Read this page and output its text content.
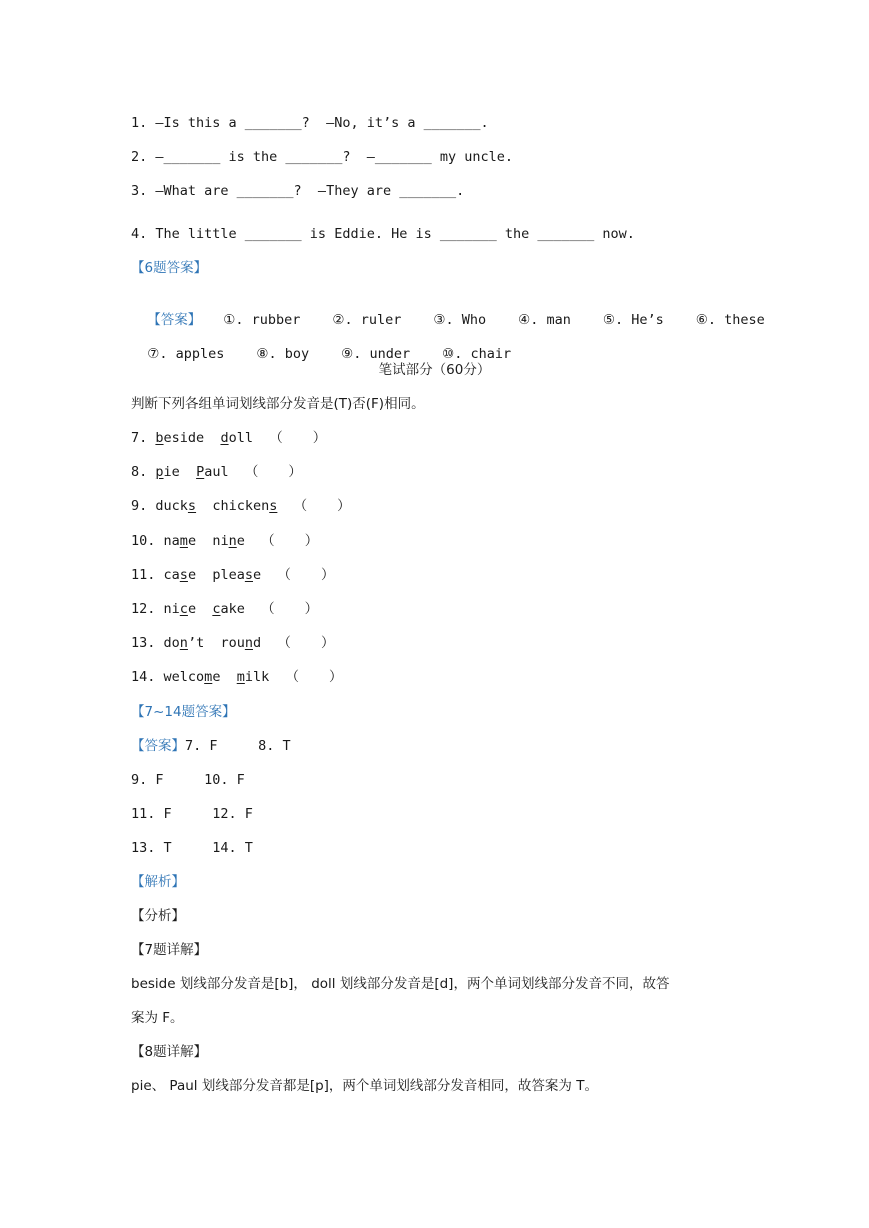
1. —Is this a _______?  —No, it’s a _______.
2. —_______ is the _______?  —_______ my uncle.
3. —What are _______?  —They are _______.
4. The little _______ is Eddie. He is _______ the _______ now.
【6题答案】

【答案】 ①. rubber ②. ruler ③. Who ④. man ⑤. He’s ⑥. these

⑦. apples ⑧. boy ⑨. under ⑩. chair

笔试部分（60分）
判断下列各组单词划线部分发音是(T)否(F)相同。
7. beside doll （       ）
8. pie Paul （       ）
9. ducks chickens （       ）
10. name nine （       ）
11. case please （       ）
12. nice cake （       ）
13. don’t round （       ）
14. welcome milk （       ）
【7~14题答案】
【答案】7. F     8. T
9. F     10. F
11. F     12. F
13. T     14. T
【解析】
【分析】
【7题详解】
beside 划线部分发音是[b]， doll 划线部分发音是[d]，两个单词划线部分发音不同，故答
案为 F。
【8题详解】
pie、 Paul 划线部分发音都是[p]，两个单词划线部分发音相同，故答案为 T。
